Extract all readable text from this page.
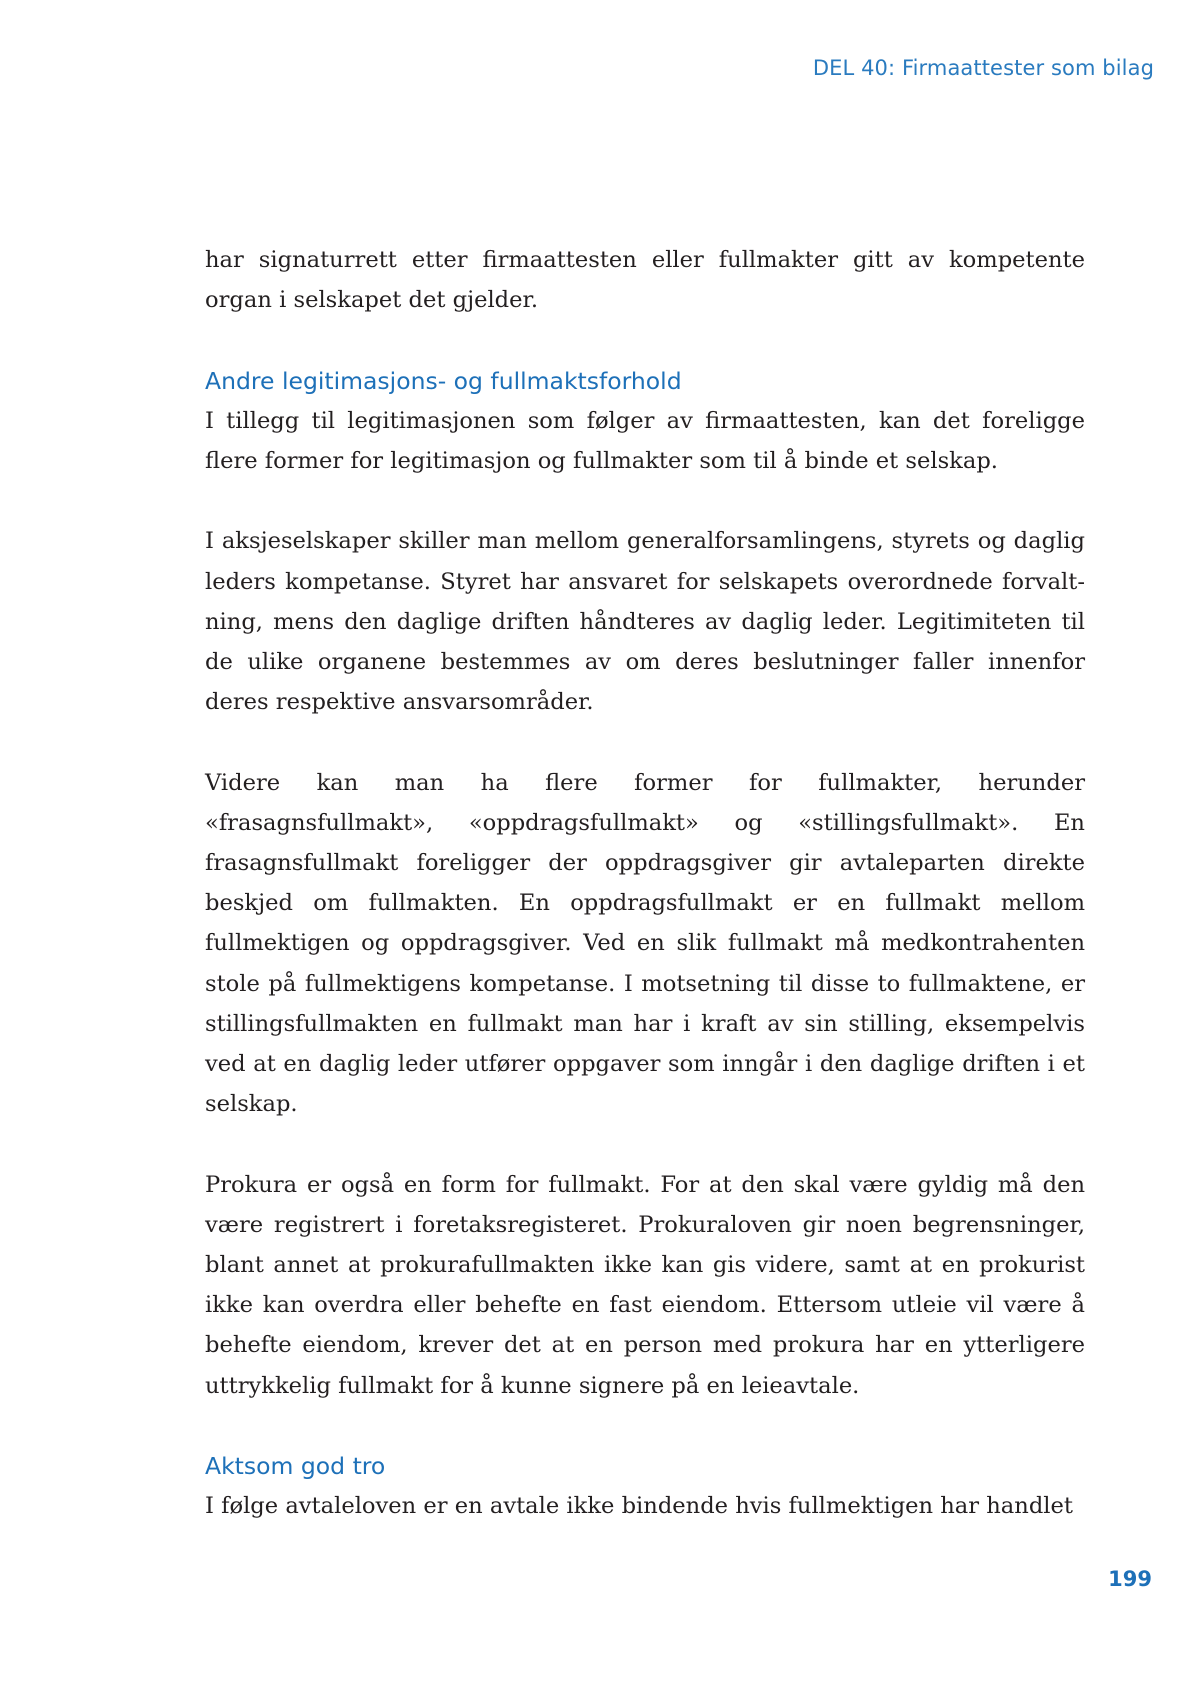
DEL 40: Firmaattester som bilag

har signaturrett etter firmaattesten eller fullmakter gitt av kompetente organ i selskapet det gjelder.

Andre legitimasjons- og fullmaktsforhold

I tillegg til legitimasjonen som følger av firmaattesten, kan det foreligge flere former for legitimasjon og fullmakter som til å binde et selskap.

I aksjeselskaper skiller man mellom generalforsamlingens, styrets og daglig leders kompetanse. Styret har ansvaret for selskapets overordnede forvaltning, mens den daglige driften håndteres av daglig leder. Legitimiteten til de ulike organene bestemmes av om deres beslutninger faller innenfor deres respektive ansvarsområder.

Videre kan man ha flere former for fullmakter, herunder «frasagnsfullmakt», «oppdragsfullmakt» og «stillingsfullmakt». En frasagnsfullmakt foreligger der oppdragsgiver gir avtaleparten direkte beskjed om fullmakten. En oppdragsfullmakt er en fullmakt mellom fullmektigen og oppdragsgiver. Ved en slik fullmakt må medkontrahenten stole på fullmektigens kompetanse. I motsetning til disse to fullmaktene, er stillingsfullmakten en fullmakt man har i kraft av sin stilling, eksempelvis ved at en daglig leder utfører oppgaver som inngår i den daglige driften i et selskap.

Prokura er også en form for fullmakt. For at den skal være gyldig må den være registrert i foretaksregisteret. Prokuraloven gir noen begrensninger, blant annet at prokurafullmakten ikke kan gis videre, samt at en prokurist ikke kan overdra eller behefte en fast eiendom. Ettersom utleie vil være å behefte eiendom, krever det at en person med prokura har en ytterligere uttrykkelig fullmakt for å kunne signere på en leieavtale.

Aktsom god tro

I følge avtaleloven er en avtale ikke bindende hvis fullmektigen har handlet

199
